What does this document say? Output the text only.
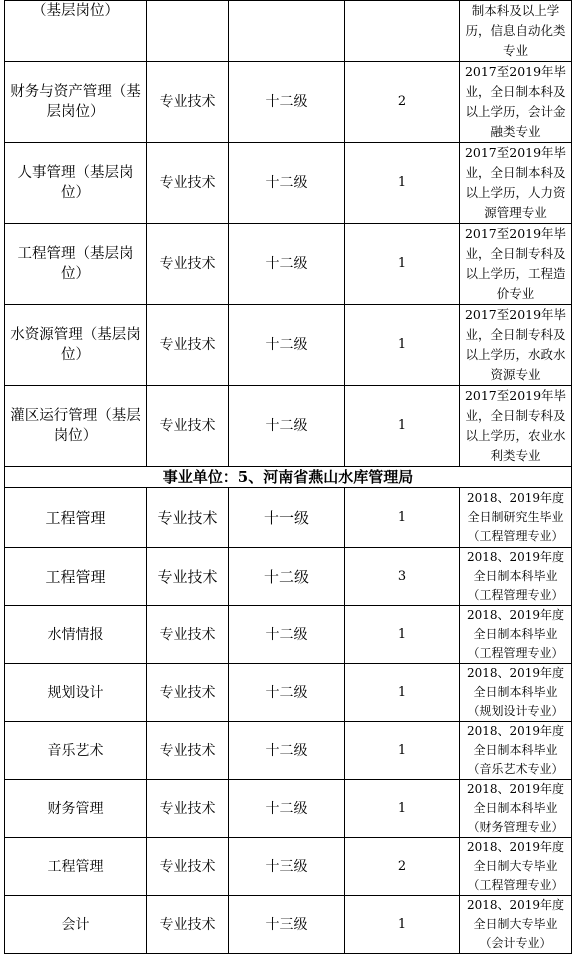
（基层岗位）				制本科及以上学历，信息自动化类专业
财务与资产管理（基层岗位）	专业技术	十二级	2	2017至2019年毕业，全日制本科及以上学历，会计金融类专业
人事管理（基层岗位）	专业技术	十二级	1	2017至2019年毕业，全日制本科及以上学历，人力资源管理专业
工程管理（基层岗位）	专业技术	十二级	1	2017至2019年毕业，全日制专科及以上学历，工程造价专业
水资源管理（基层岗位）	专业技术	十二级	1	2017至2019年毕业，全日制专科及以上学历，水政水资源专业
灌区运行管理（基层岗位）	专业技术	十二级	1	2017至2019年毕业，全日制专科及以上学历，农业水利类专业
事业单位：5、河南省燕山水库管理局				
工程管理	专业技术	十一级	1	2018、2019年度全日制研究生毕业（工程管理专业）
工程管理	专业技术	十二级	3	2018、2019年度全日制本科毕业（工程管理专业）
水情情报	专业技术	十二级	1	2018、2019年度全日制本科毕业（工程管理专业）
规划设计	专业技术	十二级	1	2018、2019年度全日制本科毕业（规划设计专业）
音乐艺术	专业技术	十二级	1	2018、2019年度全日制本科毕业（音乐艺术专业）
财务管理	专业技术	十二级	1	2018、2019年度全日制本科毕业（财务管理专业）
工程管理	专业技术	十三级	2	2018、2019年度全日制大专毕业（工程管理专业）
会计	专业技术	十三级	1	2018、2019年度全日制大专毕业（会计专业）
